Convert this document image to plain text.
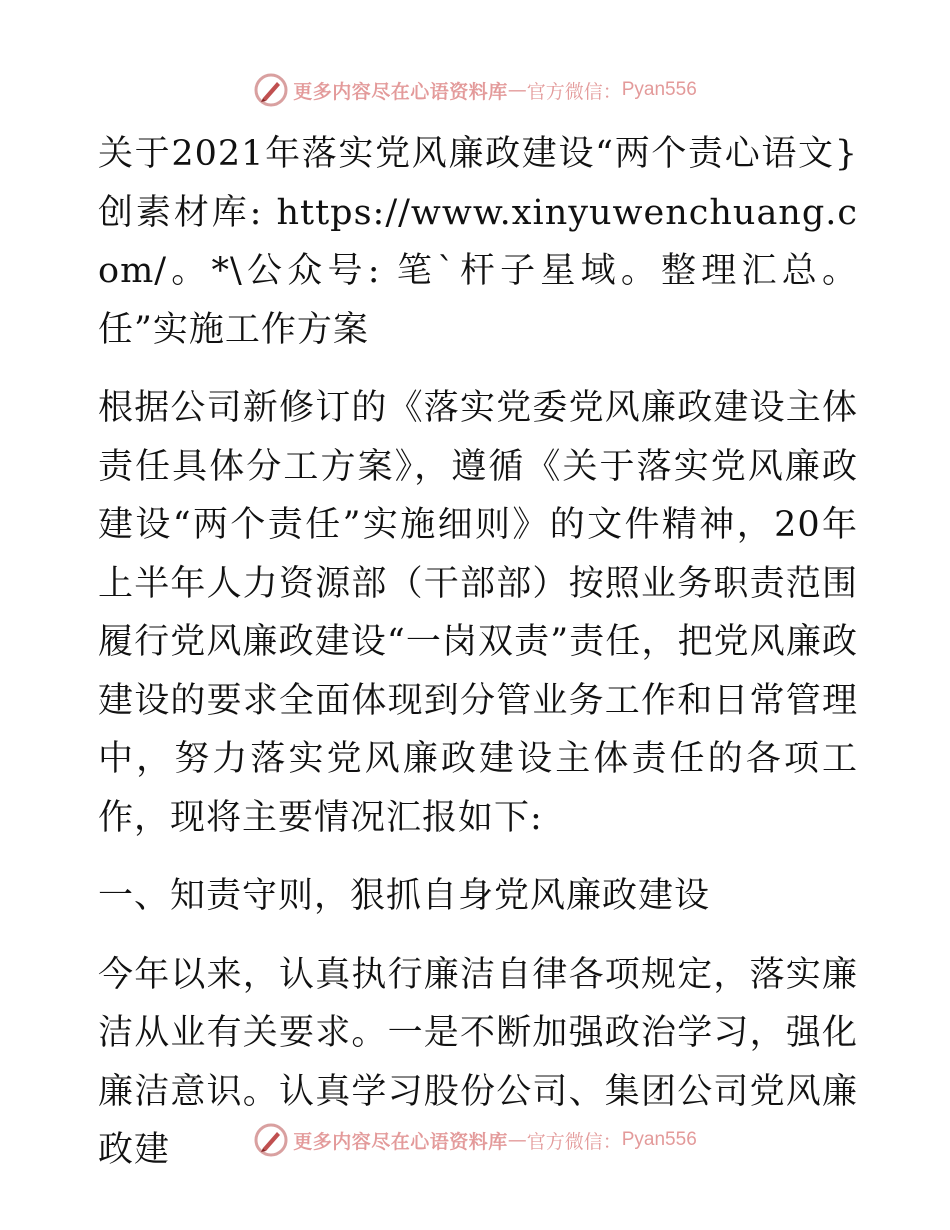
更多内容尽在心语资料库 — 官方微信： Pyan556

关于2021年落实党风廉政建设“两个责心语文}创素材库: https://www.xinyuwenchuang.com/。*\公众号: 笔`杆子星域。整理汇总。任”实施工作方案

根据公司新修订的《落实党委党风廉政建设主体责任具体分工方案》，遵循《关于落实党风廉政建设“两个责任”实施细则》的文件精神，20年上半年人力资源部（干部部）按照业务职责范围履行党风廉政建设“一岗双责”责任，把党风廉政建设的要求全面体现到分管业务工作和日常管理中，努力落实党风廉政建设主体责任的各项工作，现将主要情况汇报如下:

一、知责守则，狠抓自身党风廉政建设

今年以来，认真执行廉洁自律各项规定，落实廉洁从业有关要求。一是不断加强政治学习，强化廉洁意识。认真学习股份公司、集团公司党风廉政建	更多内容尽在心语资料库 — 官方微信： Pyan556
